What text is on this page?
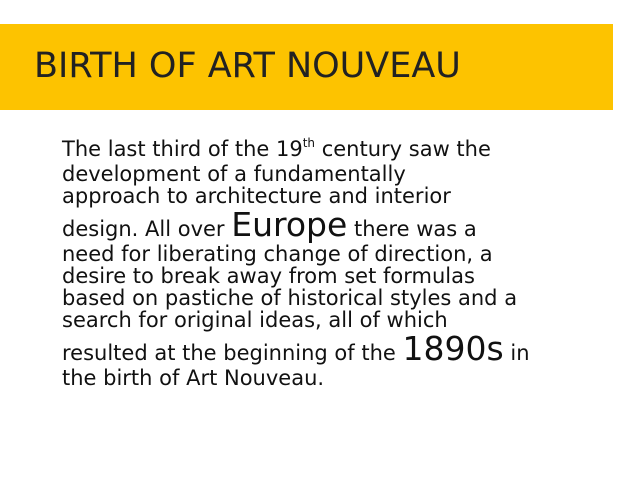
BIRTH OF ART NOUVEAU
The last third of the 19th century saw the
development of a fundamentally
approach to architecture and interior
design. All over Europe there was a
need for liberating change of direction, a
desire to break away from set formulas
based on pastiche of historical styles and a
search for original ideas, all of which
resulted at the beginning of the 1890s in
the birth of Art Nouveau.
